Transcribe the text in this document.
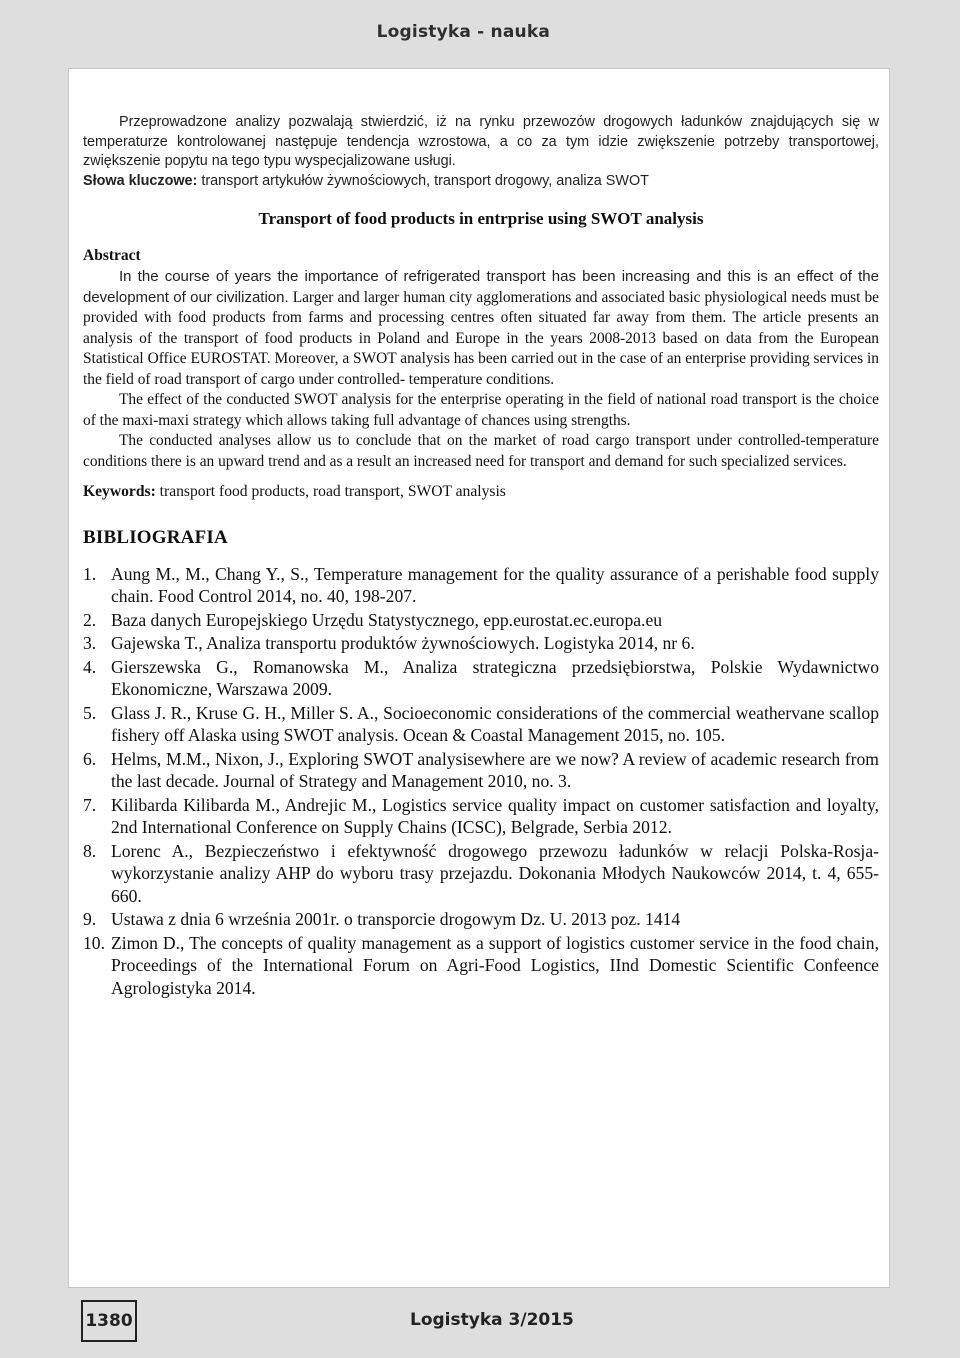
Logistyka - nauka

Przeprowadzone analizy pozwalają stwierdzić, iż na rynku przewozów drogowych ładunków znajdujących się w temperaturze kontrolowanej następuje tendencja wzrostowa, a co za tym idzie zwiększenie potrzeby transportowej, zwiększenie popytu na tego typu wyspecjalizowane usługi.

Słowa kluczowe: transport artykułów żywnościowych, transport drogowy, analiza SWOT

Transport of food products in entrprise using SWOT analysis
Abstract

In the course of years the importance of refrigerated transport has been increasing and this is an effect of the development of our civilization. Larger and larger human city agglomerations and associated basic physiological needs must be provided with food products from farms and processing centres often situated far away from them. The article presents an analysis of the transport of food products in Poland and Europe in the years 2008-2013 based on data from the European Statistical Office EUROSTAT. Moreover, a SWOT analysis has been carried out in the case of an enterprise providing services in the field of road transport of cargo under controlled- temperature conditions.

The effect of the conducted SWOT analysis for the enterprise operating in the field of national road transport is the choice of the maxi-maxi strategy which allows taking full advantage of chances using strengths.

The conducted analyses allow us to conclude that on the market of road cargo transport under controlled-temperature conditions there is an upward trend and as a result an increased need for transport and demand for such specialized services.

Keywords: transport food products, road transport, SWOT analysis

BIBLIOGRAFIA
1. Aung M., M., Chang Y., S., Temperature management for the quality assurance of a perishable food supply chain. Food Control 2014, no. 40, 198-207.
2. Baza danych Europejskiego Urzędu Statystycznego, epp.eurostat.ec.europa.eu
3. Gajewska T., Analiza transportu produktów żywnościowych. Logistyka 2014, nr 6.
4. Gierszewska G., Romanowska M., Analiza strategiczna przedsiębiorstwa, Polskie Wydawnictwo Ekonomiczne, Warszawa 2009.
5. Glass J. R., Kruse G. H., Miller S. A., Socioeconomic considerations of the commercial weathervane scallop fishery off Alaska using SWOT analysis. Ocean & Coastal Management 2015, no. 105.
6. Helms, M.M., Nixon, J., Exploring SWOT analysisewhere are we now? A review of academic research from the last decade. Journal of Strategy and Management 2010, no. 3.
7. Kilibarda Kilibarda M., Andrejic M., Logistics service quality impact on customer satisfaction and loyalty, 2nd International Conference on Supply Chains (ICSC), Belgrade, Serbia 2012.
8. Lorenc A., Bezpieczeństwo i efektywność drogowego przewozu ładunków w relacji Polska-Rosja-wykorzystanie analizy AHP do wyboru trasy przejazdu. Dokonania Młodych Naukowców 2014, t. 4, 655-660.
9. Ustawa z dnia 6 września 2001r. o transporcie drogowym Dz. U. 2013 poz. 1414
10. Zimon D., The concepts of quality management as a support of logistics customer service in the food chain, Proceedings of the International Forum on Agri-Food Logistics, IInd Domestic Scientific Confeence Agrologistyka 2014.
1380	Logistyka 3/2015
